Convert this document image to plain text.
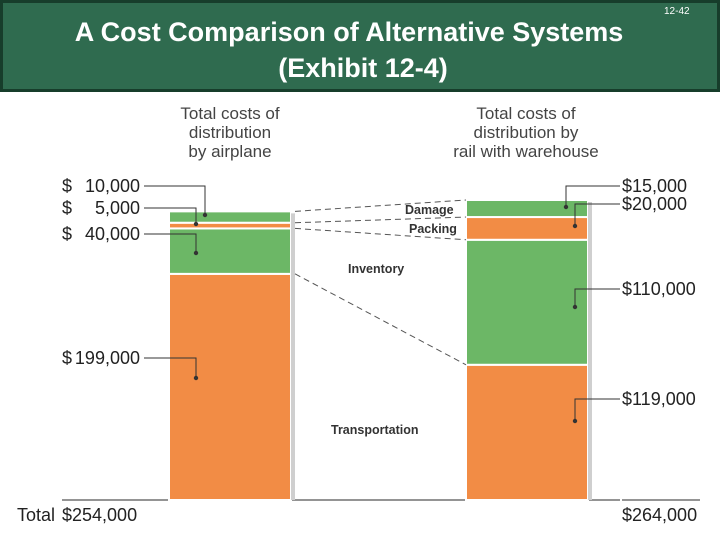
A Cost Comparison of Alternative Systems
(Exhibit 12-4)
12-42
Total costs of
distribution
by airplane
Total costs of
distribution by
rail with warehouse
Transportation
Inventory
Packing
Damage
$ 199,000
$ 40,000
$ 5,000
$ 10,000
$119,000
$110,000
$20,000
$15,000
Total $254,000	$264,000
